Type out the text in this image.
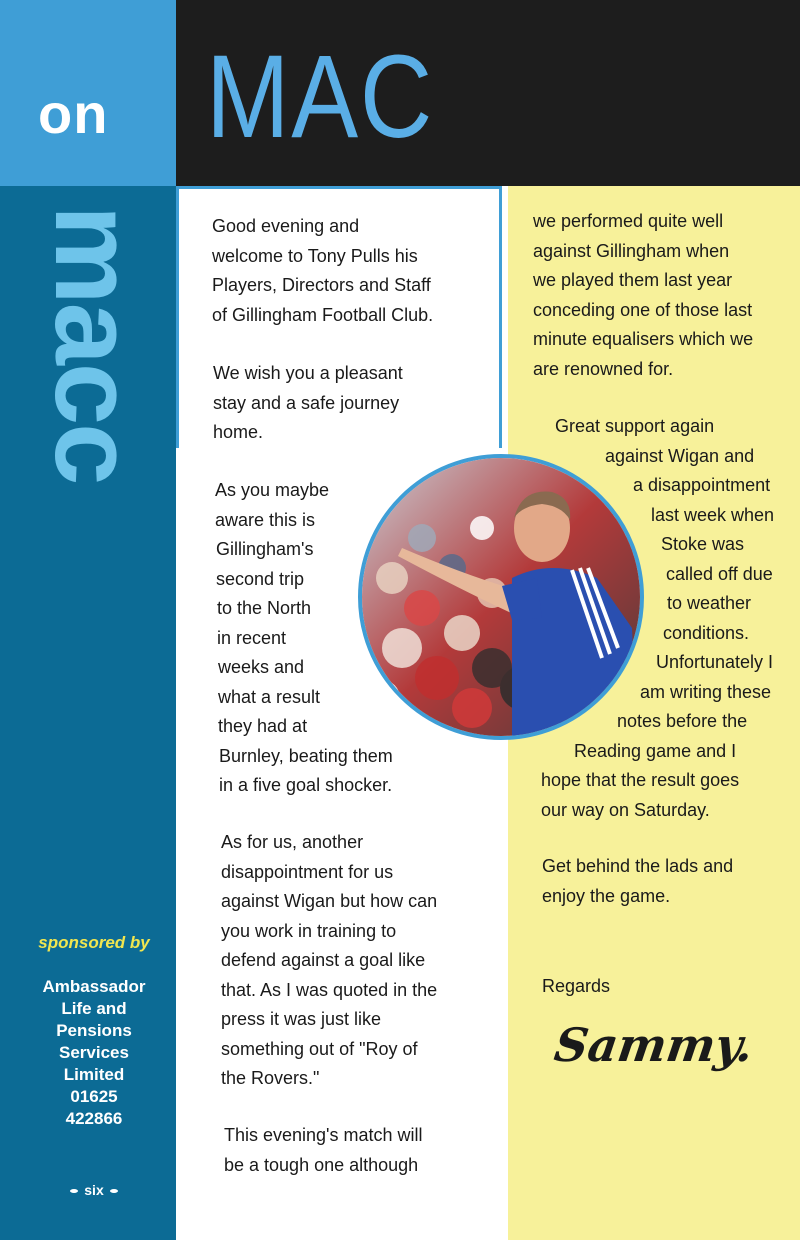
on MAC
macc
sponsored by
Ambassador
Life and
Pensions
Services
Limited
01625
422866
six
Good evening and
welcome to Tony Pulls his
Players, Directors and Staff
of Gillingham Football Club.
We wish you a pleasant
stay and a safe journey
home.
As you maybe
aware this is
Gillingham's
second trip
to the North
in recent
weeks and
what a result
they had at
Burnley, beating them
in a five goal shocker.
As for us, another
disappointment for us
against Wigan but how can
you work in training to
defend against a goal like
that. As I was quoted in the
press it was just like
something out of "Roy of
the Rovers."
This evening's match will
be a tough one although
we performed quite well
against Gillingham when
we played them last year
conceding one of those last
minute equalisers which we
are renowned for.
Great support again
against Wigan and
a disappointment
last week when
Stoke was
called off due
to weather
conditions.
Unfortunately I
am writing these
notes before the
Reading game and I
hope that the result goes
our way on Saturday.
Get behind the lads and
enjoy the game.
Regards
Sammy.
